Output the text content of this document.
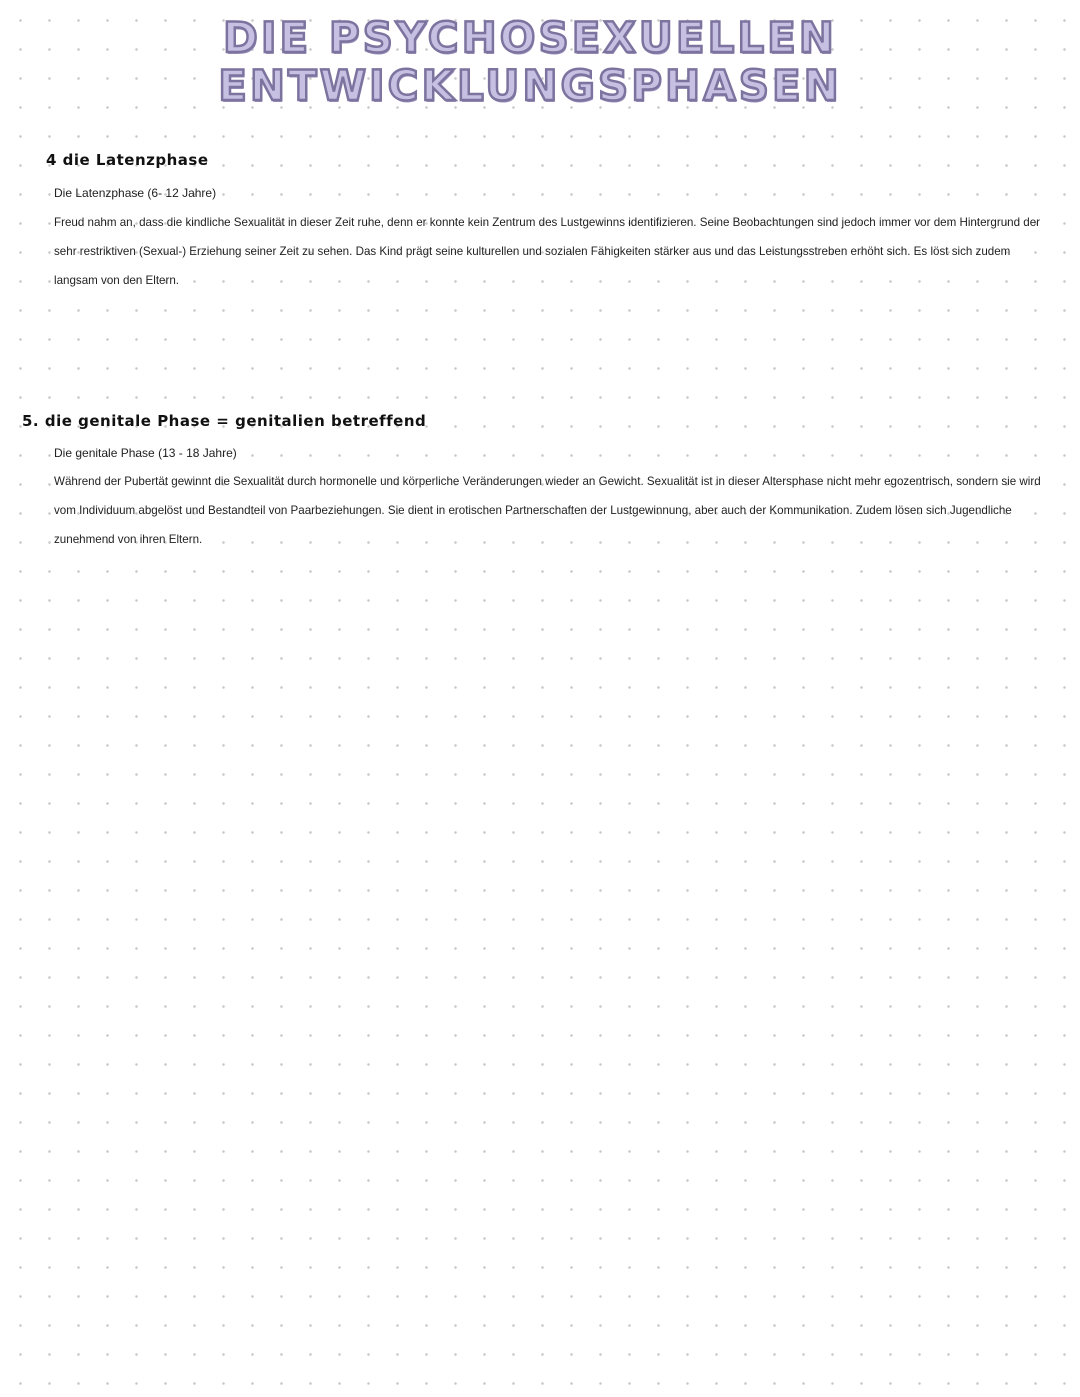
DIE PSYCHOSEXUELLEN
ENTWICKLUNGSPHASEN
4 die Latenzphase
Die Latenzphase (6- 12 Jahre)
Freud nahm an, dass die kindliche Sexualität in dieser Zeit ruhe, denn er konnte kein Zentrum des Lustgewinns identifizieren. Seine Beobachtungen sind jedoch immer vor dem Hintergrund der sehr restriktiven (Sexual-) Erziehung seiner Zeit zu sehen. Das Kind prägt seine kulturellen und sozialen Fähigkeiten stärker aus und das Leistungsstreben erhöht sich. Es löst sich zudem langsam von den Eltern.
5. die genitale Phase = genitalien betreffend
Die genitale Phase (13 - 18 Jahre)
Während der Pubertät gewinnt die Sexualität durch hormonelle und körperliche Veränderungen wieder an Gewicht. Sexualität ist in dieser Altersphase nicht mehr egozentrisch, sondern sie wird vom Individuum abgelöst und Bestandteil von Paarbeziehungen. Sie dient in erotischen Partnerschaften der Lustgewinnung, aber auch der Kommunikation. Zudem lösen sich Jugendliche zunehmend von ihren Eltern.
